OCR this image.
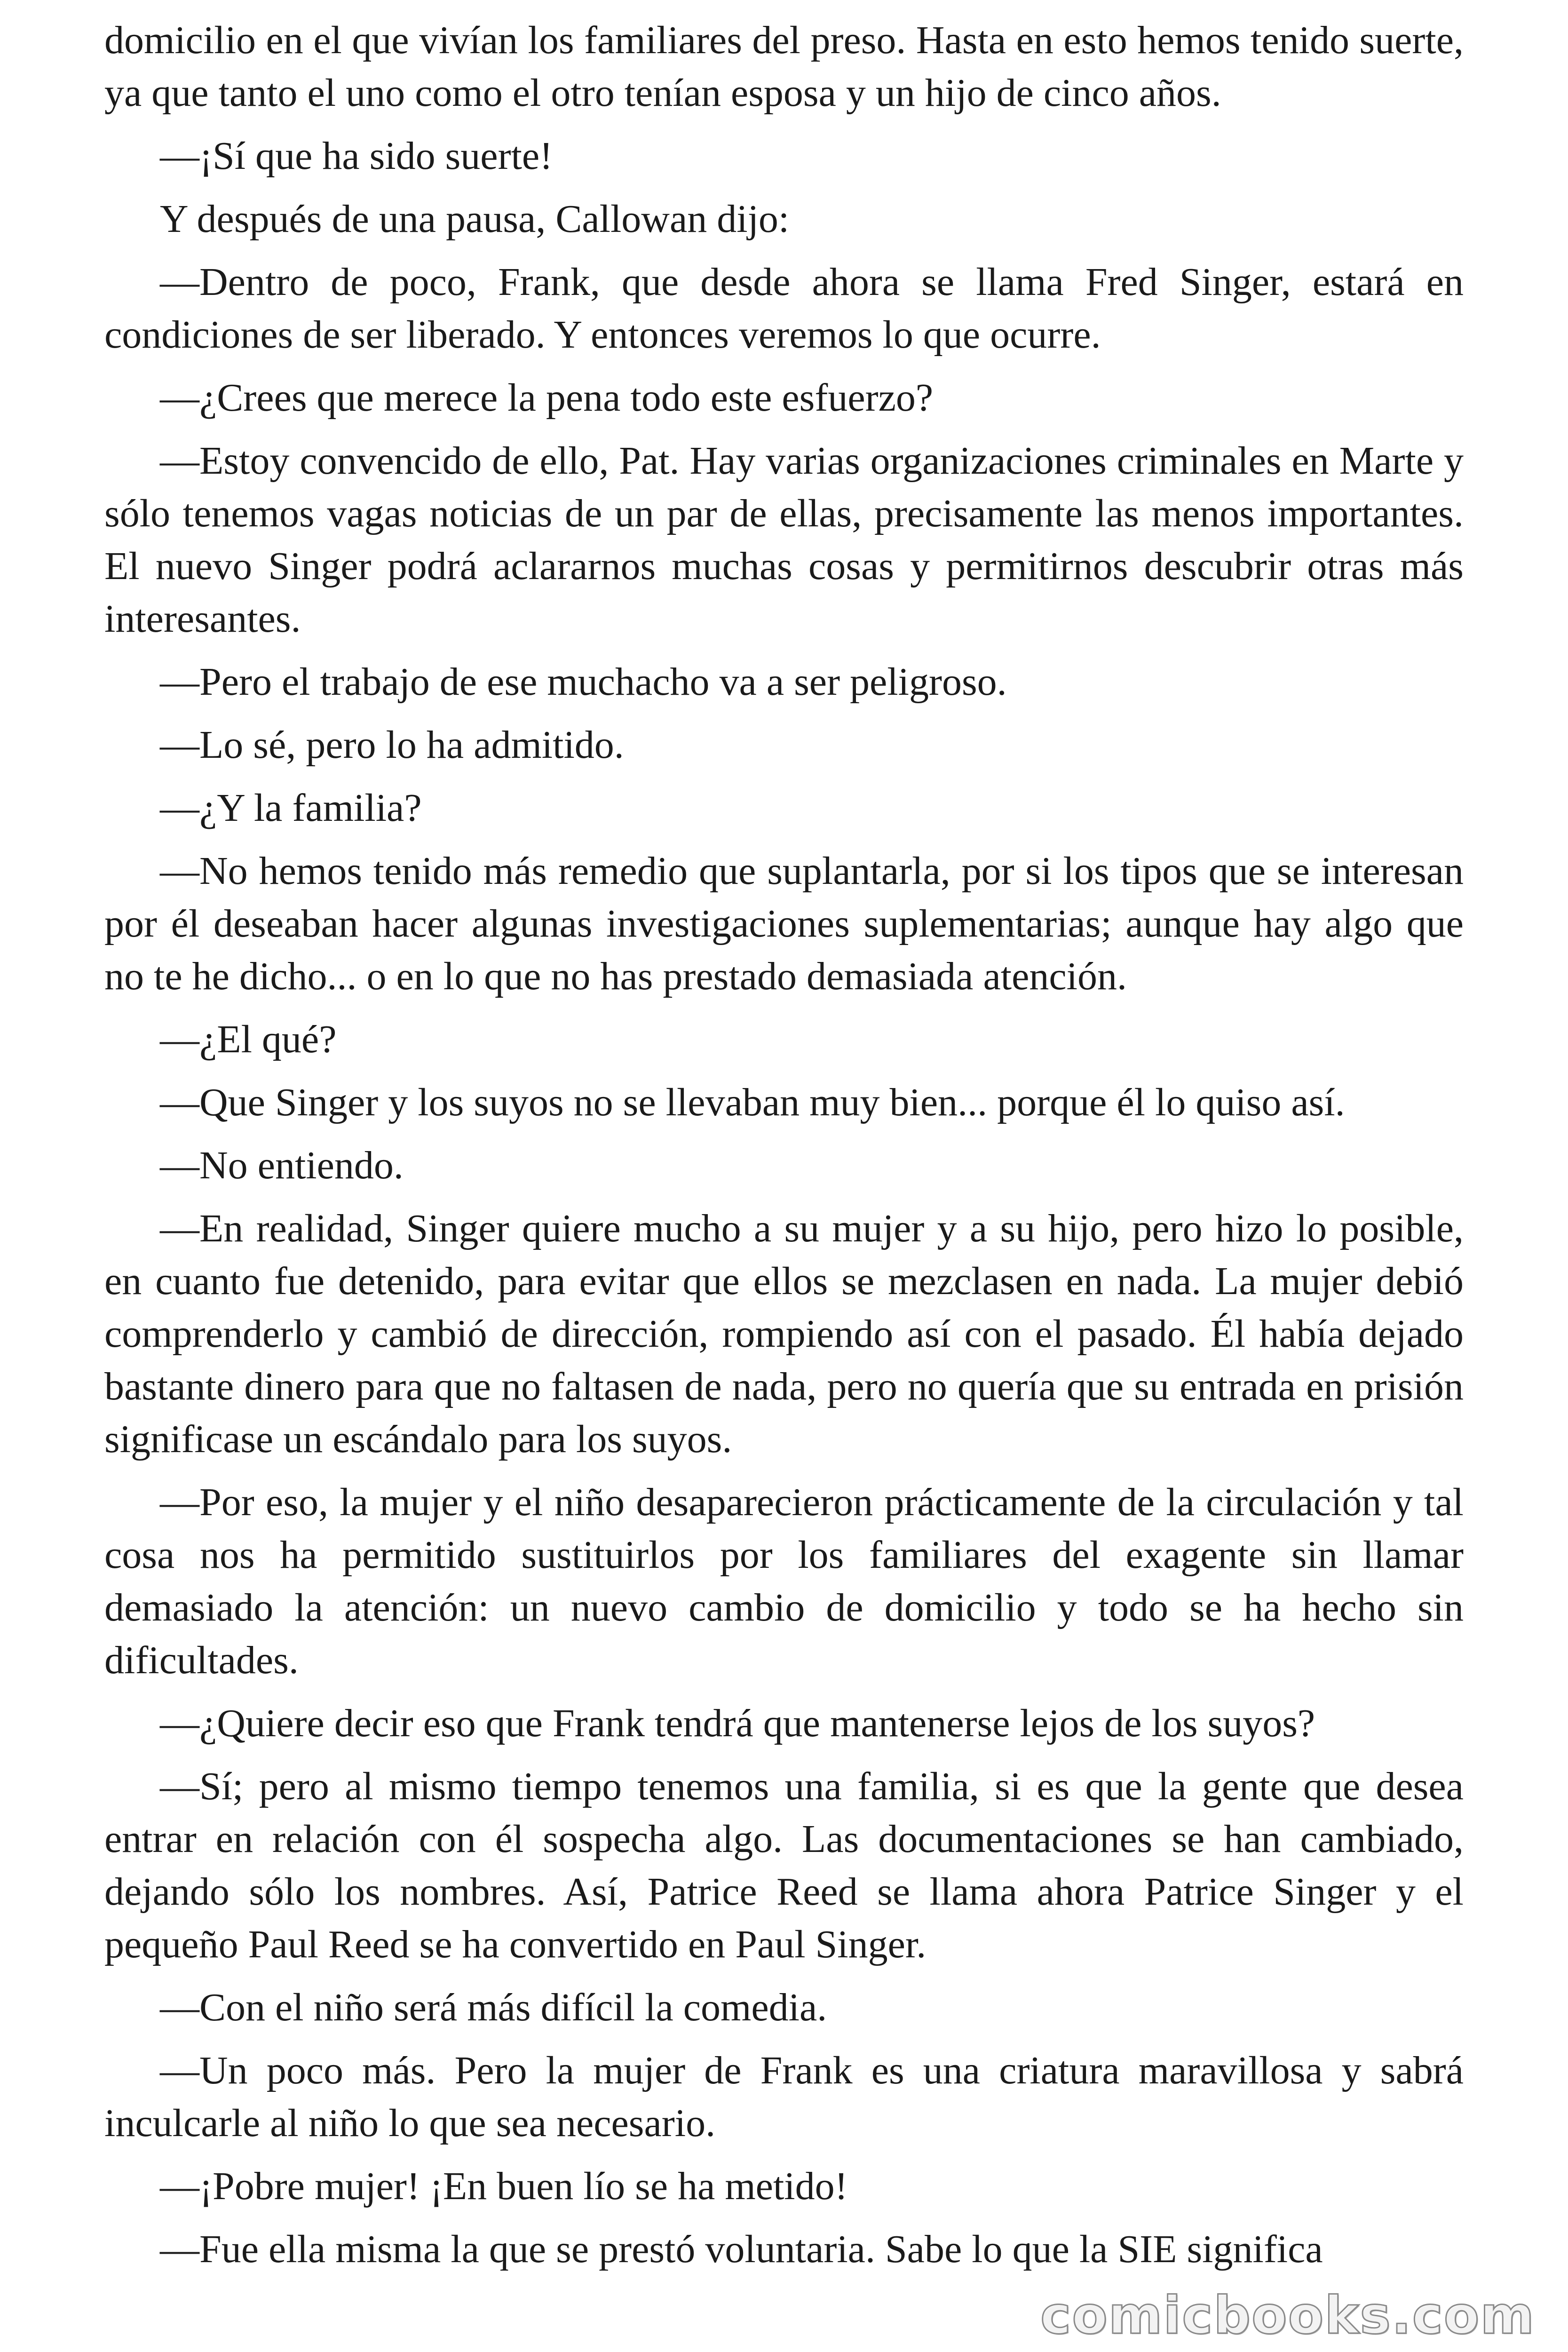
domicilio en el que vivían los familiares del preso. Hasta en esto hemos tenido suerte, ya que tanto el uno como el otro tenían esposa y un hijo de cinco años.

—¡Sí que ha sido suerte!

Y después de una pausa, Callowan dijo:

—Dentro de poco, Frank, que desde ahora se llama Fred Singer, estará en condiciones de ser liberado. Y entonces veremos lo que ocurre.

—¿Crees que merece la pena todo este esfuerzo?

—Estoy convencido de ello, Pat. Hay varias organizaciones criminales en Marte y sólo tenemos vagas noticias de un par de ellas, precisamente las menos importantes. El nuevo Singer podrá aclararnos muchas cosas y permitirnos descubrir otras más interesantes.

—Pero el trabajo de ese muchacho va a ser peligroso.

—Lo sé, pero lo ha admitido.

—¿Y la familia?

—No hemos tenido más remedio que suplantarla, por si los tipos que se interesan por él deseaban hacer algunas investigaciones suplementarias; aunque hay algo que no te he dicho... o en lo que no has prestado demasiada atención.

—¿El qué?

—Que Singer y los suyos no se llevaban muy bien... porque él lo quiso así.

—No entiendo.

—En realidad, Singer quiere mucho a su mujer y a su hijo, pero hizo lo posible, en cuanto fue detenido, para evitar que ellos se mezclasen en nada. La mujer debió comprenderlo y cambió de dirección, rompiendo así con el pasado. Él había dejado bastante dinero para que no faltasen de nada, pero no quería que su entrada en prisión significase un escándalo para los suyos.

—Por eso, la mujer y el niño desaparecieron prácticamente de la circulación y tal cosa nos ha permitido sustituirlos por los familiares del exagente sin llamar demasiado la atención: un nuevo cambio de domicilio y todo se ha hecho sin dificultades.

—¿Quiere decir eso que Frank tendrá que mantenerse lejos de los suyos?

—Sí; pero al mismo tiempo tenemos una familia, si es que la gente que desea entrar en relación con él sospecha algo. Las documentaciones se han cambiado, dejando sólo los nombres. Así, Patrice Reed se llama ahora Patrice Singer y el pequeño Paul Reed se ha convertido en Paul Singer.

—Con el niño será más difícil la comedia.

—Un poco más. Pero la mujer de Frank es una criatura maravillosa y sabrá inculcarle al niño lo que sea necesario.

—¡Pobre mujer! ¡En buen lío se ha metido!

—Fue ella misma la que se prestó voluntaria. Sabe lo que la SIE significa

comicbooks.com
